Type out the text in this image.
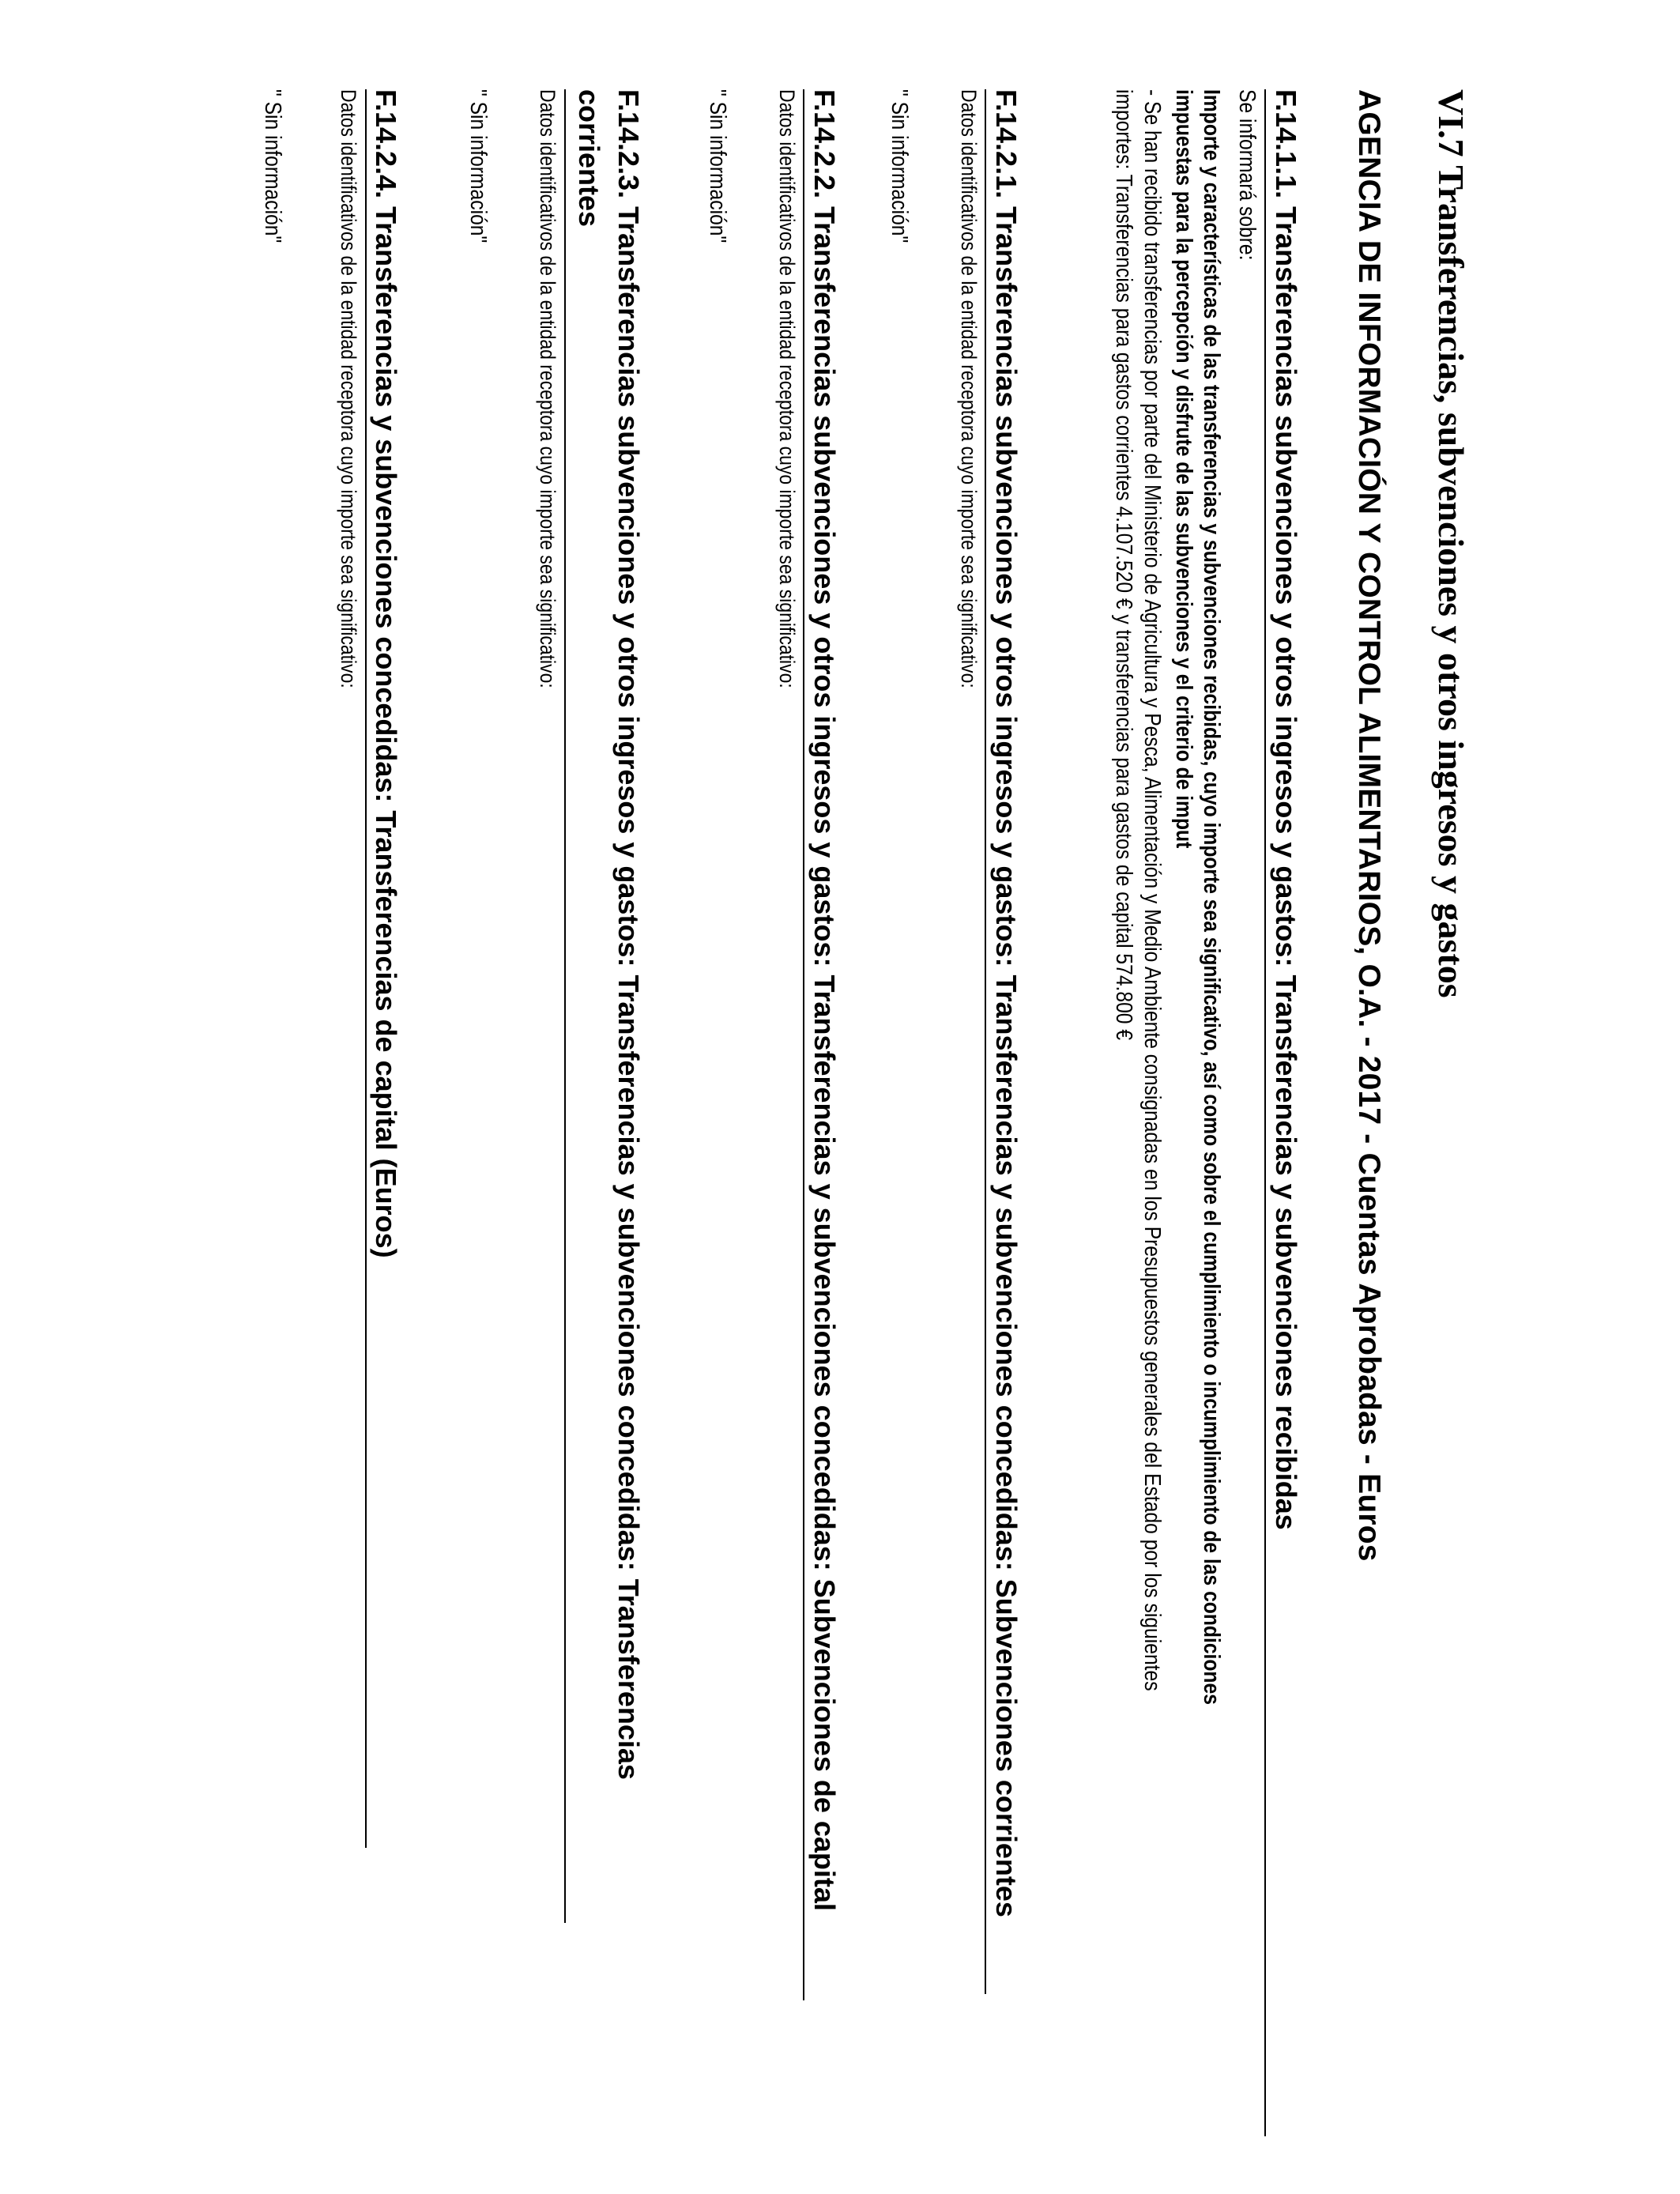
VI.7 Transferencias, subvenciones y otros ingresos y gastos
AGENCIA DE INFORMACIÓN Y CONTROL ALIMENTARIOS, O.A. - 2017 - Cuentas Aprobadas - Euros
F.14.1.1. Transferencias subvenciones y otros ingresos y gastos: Transferencias y subvenciones recibidas
Se informará sobre:
Importe y características de las transferencias y subvenciones recibidas, cuyo importe sea significativo, así como sobre el cumplimiento o incumplimiento de las condiciones
impuestas para la percepción y disfrute de las subvenciones y el criterio de imput
- Se han recibido transferencias por parte del Ministerio de Agricultura y Pesca, Alimentación y Medio Ambiente consignadas en los Presupuestos generales del Estado por los siguientes
importes: Transferencias para gastos corrientes 4.107.520 € y transferencias para gastos de capital 574.800 €
F.14.2.1. Transferencias subvenciones y otros ingresos y gastos: Transferencias y subvenciones concedidas: Subvenciones corrientes
Datos identificativos de la entidad receptora cuyo importe sea significativo:
" Sin información"
F.14.2.2. Transferencias subvenciones y otros ingresos y gastos: Transferencias y subvenciones concedidas: Subvenciones de capital
Datos identificativos de la entidad receptora cuyo importe sea significativo:
" Sin información"
F.14.2.3. Transferencias subvenciones y otros ingresos y gastos: Transferencias y subvenciones concedidas: Transferencias
corrientes
Datos identificativos de la entidad receptora cuyo importe sea significativo:
" Sin información"
F.14.2.4. Transferencias y subvenciones concedidas: Transferencias de capital (Euros)
Datos identificativos de la entidad receptora cuyo importe sea significativo:
" Sin información"
